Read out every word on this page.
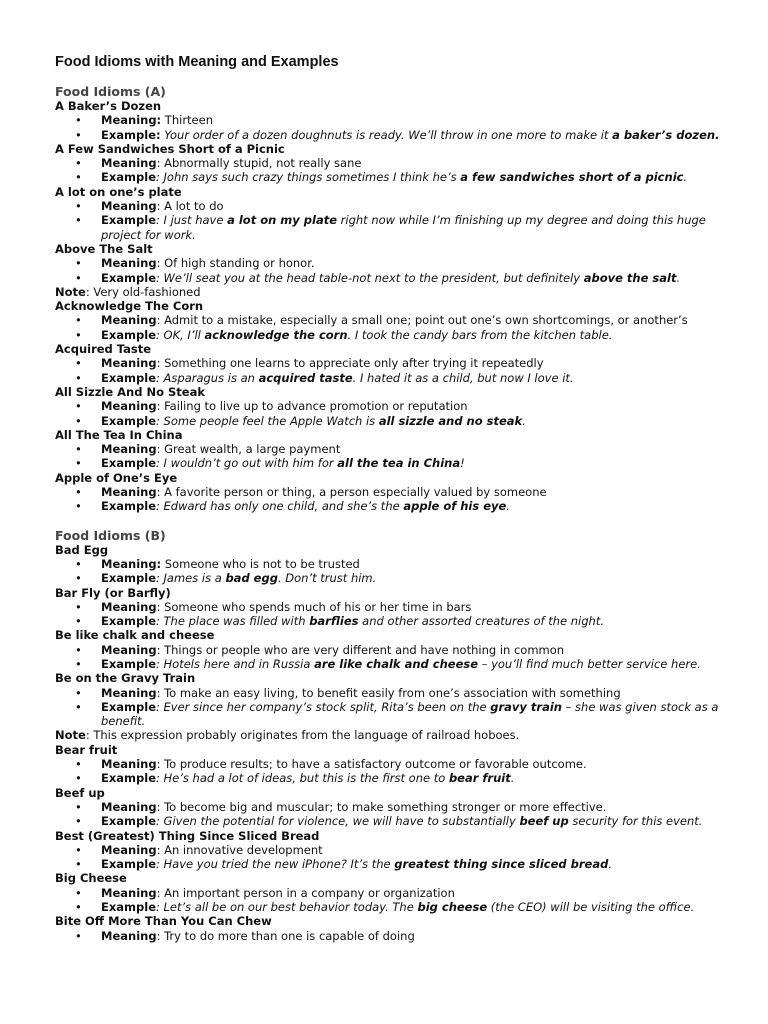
Food Idioms with Meaning and Examples
Food Idioms (A)
A Baker’s Dozen
• Meaning: Thirteen
• Example: Your order of a dozen doughnuts is ready. We’ll throw in one more to make it a baker’s dozen.
A Few Sandwiches Short of a Picnic
• Meaning: Abnormally stupid, not really sane
• Example: John says such crazy things sometimes I think he’s a few sandwiches short of a picnic.
A lot on one’s plate
• Meaning: A lot to do
• Example: I just have a lot on my plate right now while I’m finishing up my degree and doing this huge project for work.
Above The Salt
• Meaning: Of high standing or honor.
• Example: We’ll seat you at the head table-not next to the president, but definitely above the salt.
Note: Very old-fashioned
Acknowledge The Corn
• Meaning: Admit to a mistake, especially a small one; point out one’s own shortcomings, or another’s
• Example: OK, I’ll acknowledge the corn. I took the candy bars from the kitchen table.
Acquired Taste
• Meaning: Something one learns to appreciate only after trying it repeatedly
• Example: Asparagus is an acquired taste. I hated it as a child, but now I love it.
All Sizzle And No Steak
• Meaning: Failing to live up to advance promotion or reputation
• Example: Some people feel the Apple Watch is all sizzle and no steak.
All The Tea In China
• Meaning: Great wealth, a large payment
• Example: I wouldn’t go out with him for all the tea in China!
Apple of One’s Eye
• Meaning: A favorite person or thing, a person especially valued by someone
• Example: Edward has only one child, and she’s the apple of his eye.
Food Idioms (B)
Bad Egg
• Meaning: Someone who is not to be trusted
• Example: James is a bad egg. Don’t trust him.
Bar Fly (or Barfly)
• Meaning: Someone who spends much of his or her time in bars
• Example: The place was filled with barflies and other assorted creatures of the night.
Be like chalk and cheese
• Meaning: Things or people who are very different and have nothing in common
• Example: Hotels here and in Russia are like chalk and cheese – you’ll find much better service here.
Be on the Gravy Train
• Meaning: To make an easy living, to benefit easily from one’s association with something
• Example: Ever since her company’s stock split, Rita’s been on the gravy train – she was given stock as a benefit.
Note: This expression probably originates from the language of railroad hoboes.
Bear fruit
• Meaning: To produce results; to have a satisfactory outcome or favorable outcome.
• Example: He’s had a lot of ideas, but this is the first one to bear fruit.
Beef up
• Meaning: To become big and muscular; to make something stronger or more effective.
• Example: Given the potential for violence, we will have to substantially beef up security for this event.
Best (Greatest) Thing Since Sliced Bread
• Meaning: An innovative development
• Example: Have you tried the new iPhone? It’s the greatest thing since sliced bread.
Big Cheese
• Meaning: An important person in a company or organization
• Example: Let’s all be on our best behavior today. The big cheese (the CEO) will be visiting the office.
Bite Off More Than You Can Chew
• Meaning: Try to do more than one is capable of doing
